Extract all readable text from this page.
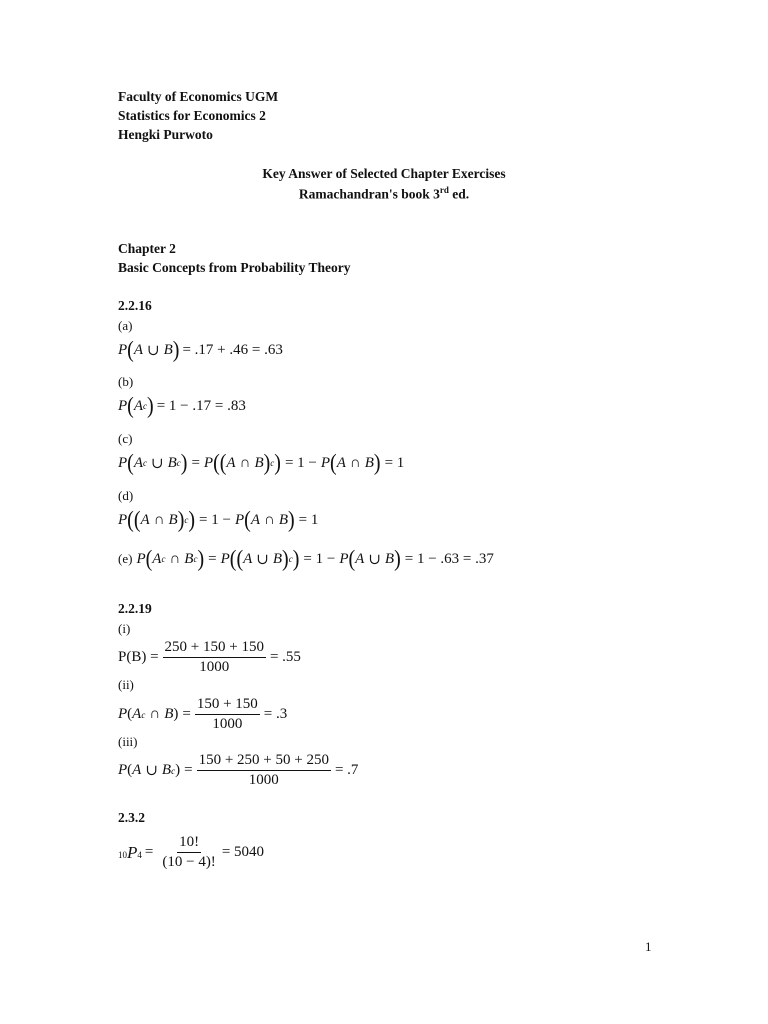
Faculty of Economics UGM
Statistics for Economics 2
Hengki Purwoto
Key Answer of Selected Chapter Exercises
Ramachandran's book 3rd ed.
Chapter 2
Basic Concepts from Probability Theory
2.2.16
(a)
P ( A ∪ B ) = .17 + .46 = .63
(b)
P ( A c ) = 1 − .17 = .83
(c)
P ( A c ∪ B c ) = P ( ( A ∩ B ) c ) = 1 − P ( A ∩ B ) = 1
(d)
P ( ( A ∩ B ) c ) = 1 − P ( A ∩ B ) = 1
(e) P ( A c ∩ B c ) = P ( ( A ∪ B ) c ) = 1 − P ( A ∪ B ) = 1 − .63 = .37
2.2.19
(i)
$P(B) = \frac{250 + 150 + 150}{1000} = .55$
(ii)
P ( A c ∩ B ) = $\frac{150 + 150}{1000} = .3$
(iii)
P ( A ∪ B c ) = $\frac{150 + 250 + 50 + 250}{1000} = .7$
2.3.2
10 P $4 = \frac{10!}{(10 - 4)!} = 5040$
1
